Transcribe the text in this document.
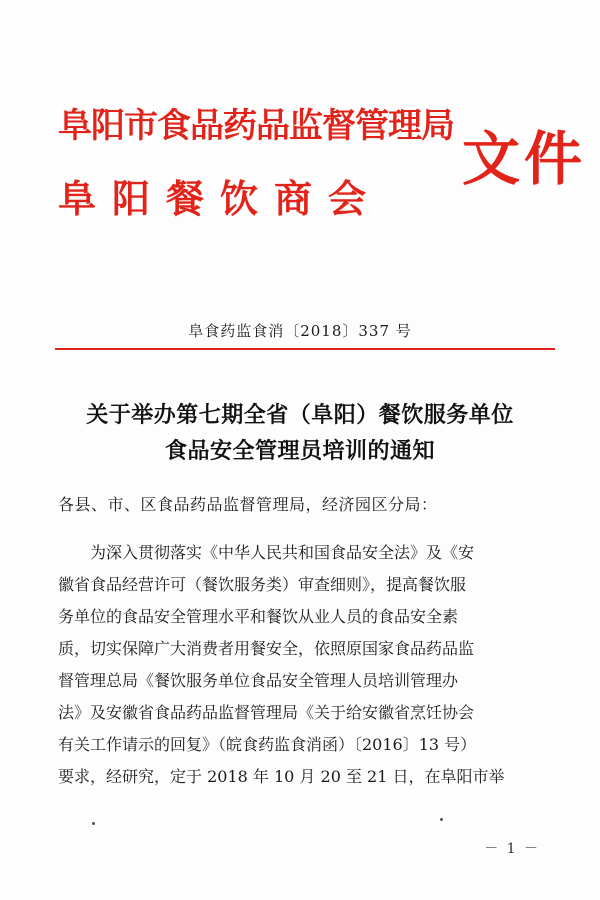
阜阳市食品药品监督管理局
阜阳餐饮商会
文件
阜食药监食消〔2018〕337 号
关于举办第七期全省（阜阳）餐饮服务单位
食品安全管理员培训的通知
各县、市、区食品药品监督管理局，经济园区分局：
　　为深入贯彻落实《中华人民共和国食品安全法》及《安
徽省食品经营许可（餐饮服务类）审查细则》，提高餐饮服
务单位的食品安全管理水平和餐饮从业人员的食品安全素
质，切实保障广大消费者用餐安全，依照原国家食品药品监
督管理总局《餐饮服务单位食品安全管理人员培训管理办
法》及安徽省食品药品监督管理局《关于给安徽省烹饪协会
有关工作请示的回复》（皖食药监食消函）〔2016〕13 号）
要求，经研究，定于 2018 年 10 月 20 至 21 日，在阜阳市举
－ 1 －
